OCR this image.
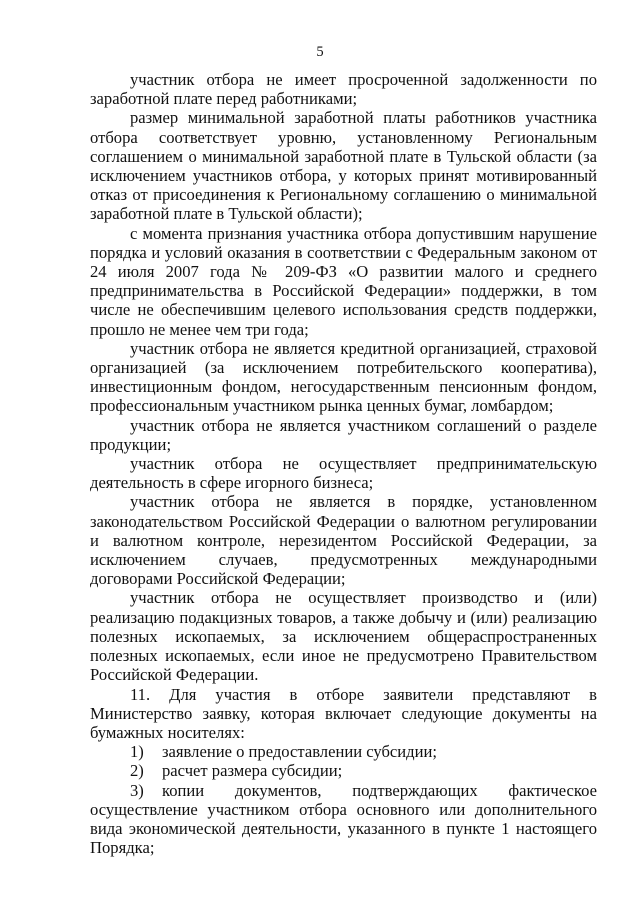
5

участник отбора не имеет просроченной задолженности по заработной плате перед работниками;

размер минимальной заработной платы работников участника отбора соответствует уровню, установленному Региональным соглашением о минимальной заработной плате в Тульской области (за исключением участников отбора, у которых принят мотивированный отказ от присоединения к Региональному соглашению о минимальной заработной плате в Тульской области);

с момента признания участника отбора допустившим нарушение порядка и условий оказания в соответствии с Федеральным законом от 24 июля 2007 года № 209-ФЗ «О развитии малого и среднего предпринимательства в Российской Федерации» поддержки, в том числе не обеспечившим целевого использования средств поддержки, прошло не менее чем три года;

участник отбора не является кредитной организацией, страховой организацией (за исключением потребительского кооператива), инвестиционным фондом, негосударственным пенсионным фондом, профессиональным участником рынка ценных бумаг, ломбардом;

участник отбора не является участником соглашений о разделе продукции;

участник отбора не осуществляет предпринимательскую деятельность в сфере игорного бизнеса;

участник отбора не является в порядке, установленном законодательством Российской Федерации о валютном регулировании и валютном контроле, нерезидентом Российской Федерации, за исключением случаев, предусмотренных международными договорами Российской Федерации;

участник отбора не осуществляет производство и (или) реализацию подакцизных товаров, а также добычу и (или) реализацию полезных ископаемых, за исключением общераспространенных полезных ископаемых, если иное не предусмотрено Правительством Российской Федерации.

11. Для участия в отборе заявители представляют в Министерство заявку, которая включает следующие документы на бумажных носителях:

1) заявление о предоставлении субсидии;

2) расчет размера субсидии;

3) копии документов, подтверждающих фактическое осуществление участником отбора основного или дополнительного вида экономической деятельности, указанного в пункте 1 настоящего Порядка;
